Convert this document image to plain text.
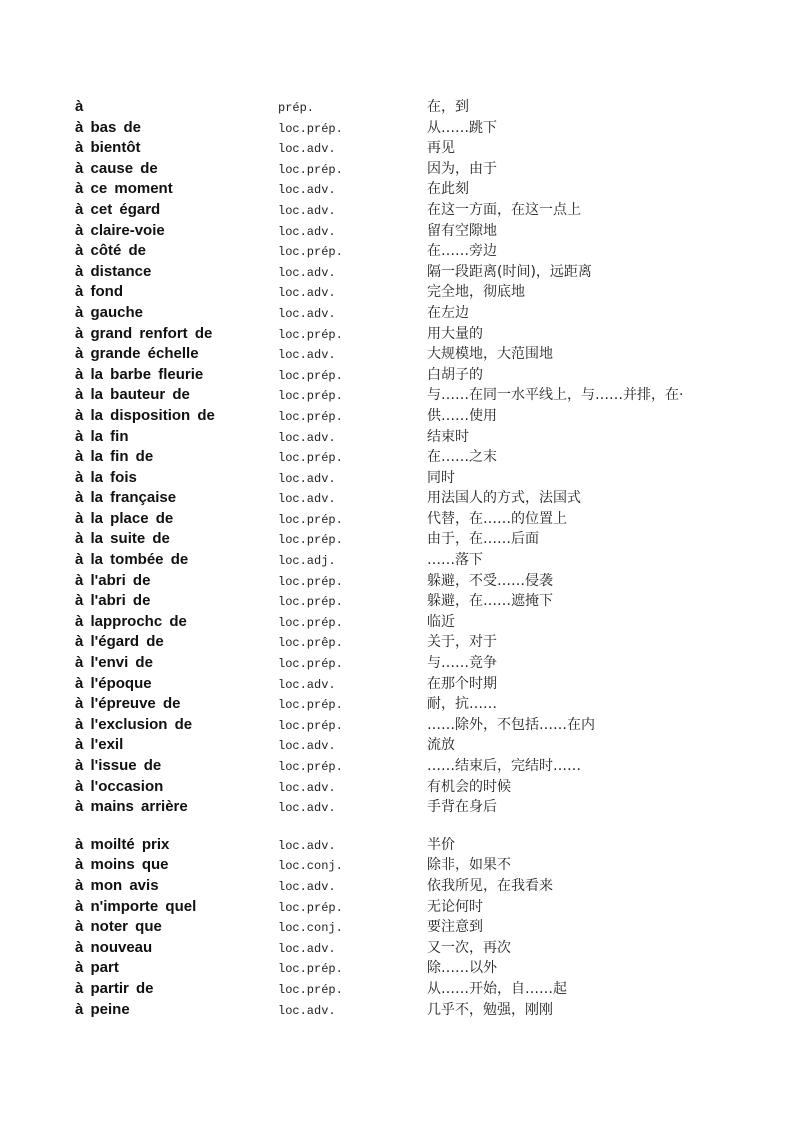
à	prép.	在，到
à bas de	loc.prép.	从……跳下
à bientôt	loc.adv.	再见
à cause de	loc.prép.	因为，由于
à ce moment	loc.adv.	在此刻
à cet égard	loc.adv.	在这一方面，在这一点上
à claire-voie	loc.adv.	留有空隙地
à côté de	loc.prép.	在……旁边
à distance	loc.adv.	隔一段距离(时间)，远距离
à fond	loc.adv.	完全地，彻底地
à gauche	loc.adv.	在左边
à grand renfort de	loc.prép.	用大量的
à grande échelle	loc.adv.	大规模地，大范围地
à la barbe fleurie	loc.prép.	白胡子的
à la bauteur de	loc.prép.	与……在同一水平线上，与……并排，在·
à la disposition de	loc.prép.	供……使用
à la fin	loc.adv.	结束时
à la fin de	loc.prép.	在……之末
à la fois	loc.adv.	同时
à la française	loc.adv.	用法国人的方式，法国式
à la place de	loc.prép.	代替，在……的位置上
à la suite de	loc.prép.	由于，在……后面
à la tombée de	loc.adj.	……落下
à l'abri de	loc.prép.	躲避，不受……侵袭
à l'abri de	loc.prép.	躲避，在……遮掩下
à lapprochc de	loc.prép.	临近
à l'égard de	loc.prêp.	关于，对于
à l'envi de	loc.prép.	与……竞争
à l'époque	loc.adv.	在那个时期
à l'épreuve de	loc.prép.	耐，抗……
à l'exclusion de	loc.prép.	……除外，不包括……在内
à l'exil	loc.adv.	流放
à l'issue de	loc.prép.	……结束后，完结时……
à l'occasion	loc.adv.	有机会的时候
à mains arrière	loc.adv.	手背在身后
à moilté prix	loc.adv.	半价
à moins que	loc.conj.	除非，如果不
à mon avis	loc.adv.	依我所见，在我看来
à n'importe quel	loc.prép.	无论何时
à noter que	loc.conj.	要注意到
à nouveau	loc.adv.	又一次，再次
à part	loc.prép.	除……以外
à partir de	loc.prép.	从……开始，自……起
à peine	loc.adv.	几乎不，勉强，刚刚
